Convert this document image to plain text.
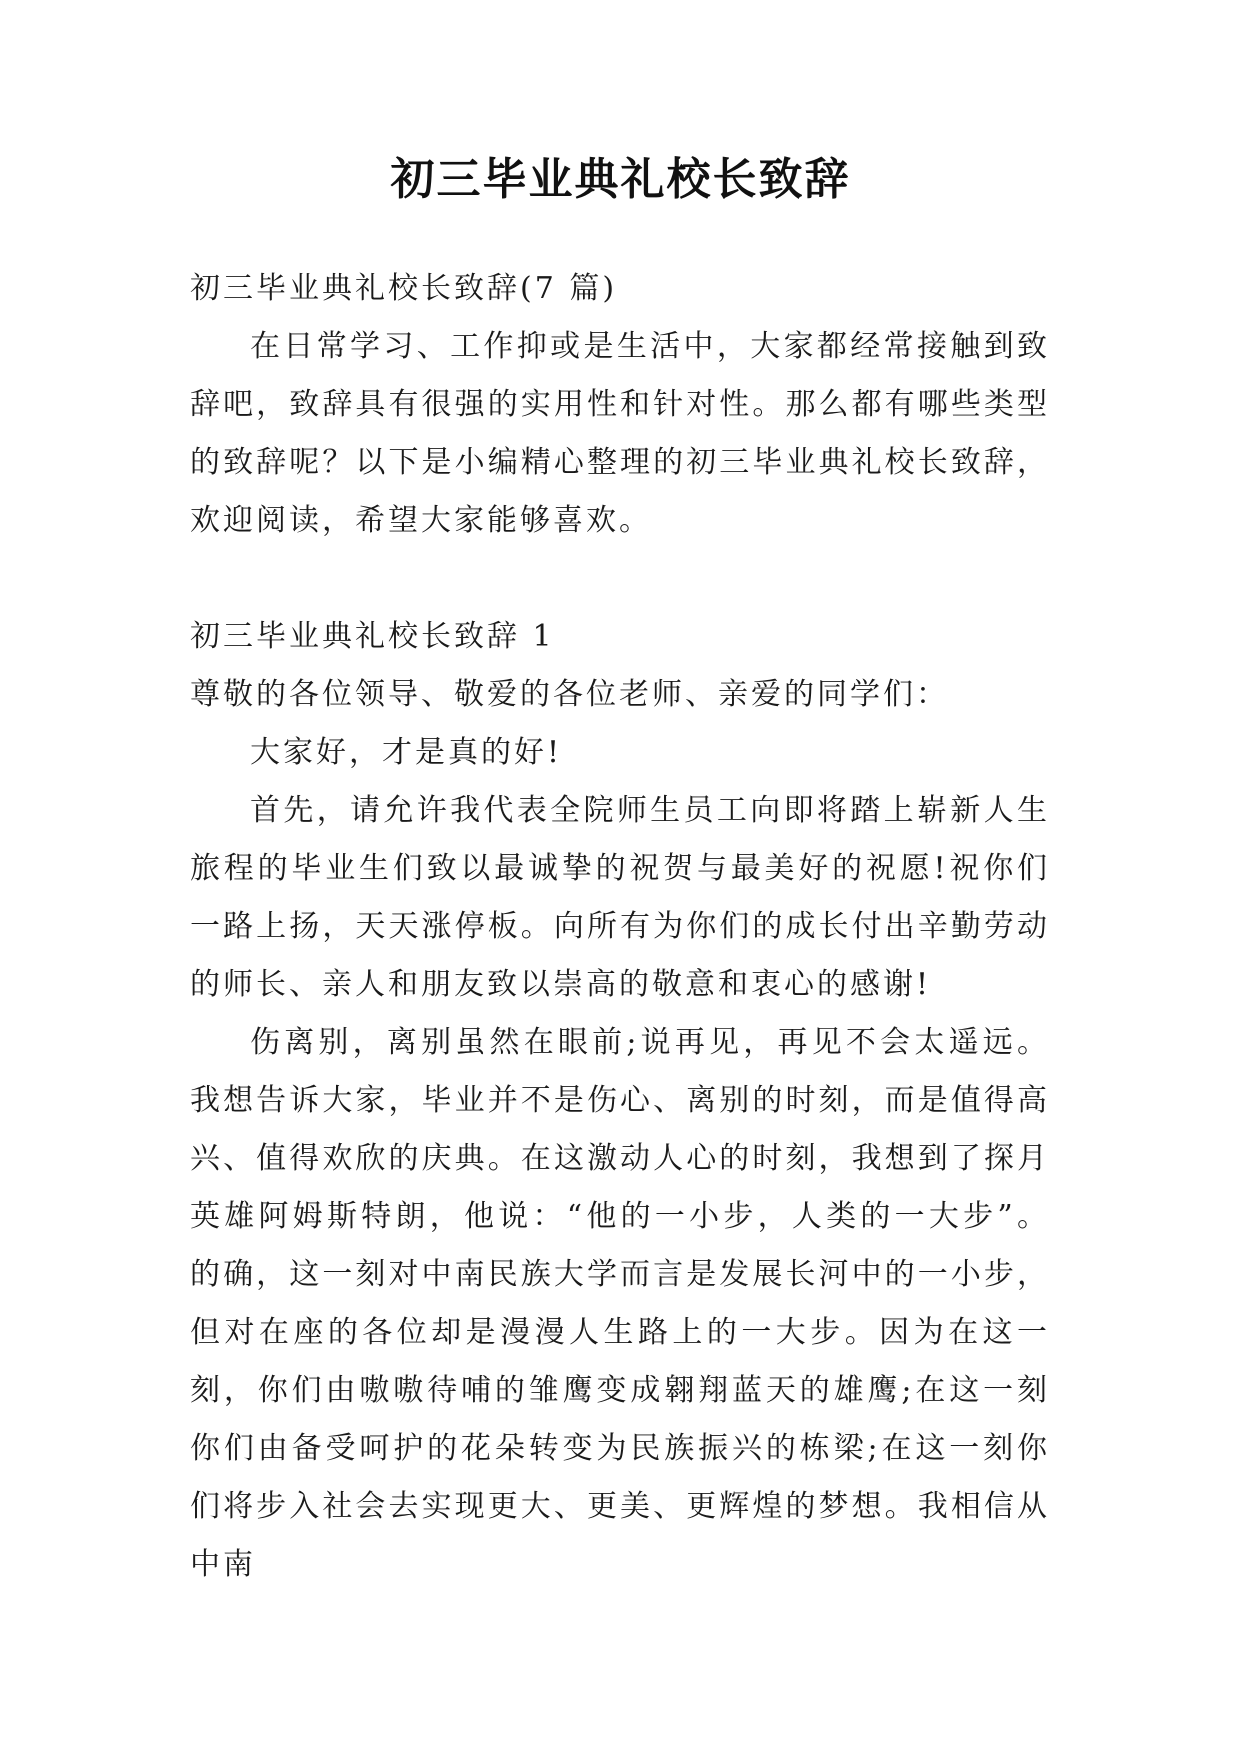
初三毕业典礼校长致辞

初三毕业典礼校长致辞(7 篇)

在日常学习、工作抑或是生活中，大家都经常接触到致辞吧，致辞具有很强的实用性和针对性。那么都有哪些类型的致辞呢？以下是小编精心整理的初三毕业典礼校长致辞，欢迎阅读，希望大家能够喜欢。

初三毕业典礼校长致辞 1

尊敬的各位领导、敬爱的各位老师、亲爱的同学们：

大家好，才是真的好!

首先，请允许我代表全院师生员工向即将踏上崭新人生旅程的毕业生们致以最诚挚的祝贺与最美好的祝愿!祝你们一路上扬，天天涨停板。向所有为你们的成长付出辛勤劳动的师长、亲人和朋友致以崇高的敬意和衷心的感谢!

伤离别，离别虽然在眼前;说再见，再见不会太遥远。我想告诉大家，毕业并不是伤心、离别的时刻，而是值得高兴、值得欢欣的庆典。在这激动人心的时刻，我想到了探月英雄阿姆斯特朗，他说：“他的一小步，人类的一大步”。的确，这一刻对中南民族大学而言是发展长河中的一小步，但对在座的各位却是漫漫人生路上的一大步。因为在这一刻，你们由嗷嗷待哺的雏鹰变成翱翔蓝天的雄鹰;在这一刻你们由备受呵护的花朵转变为民族振兴的栋梁;在这一刻你们将步入社会去实现更大、更美、更辉煌的梦想。我相信从中南
